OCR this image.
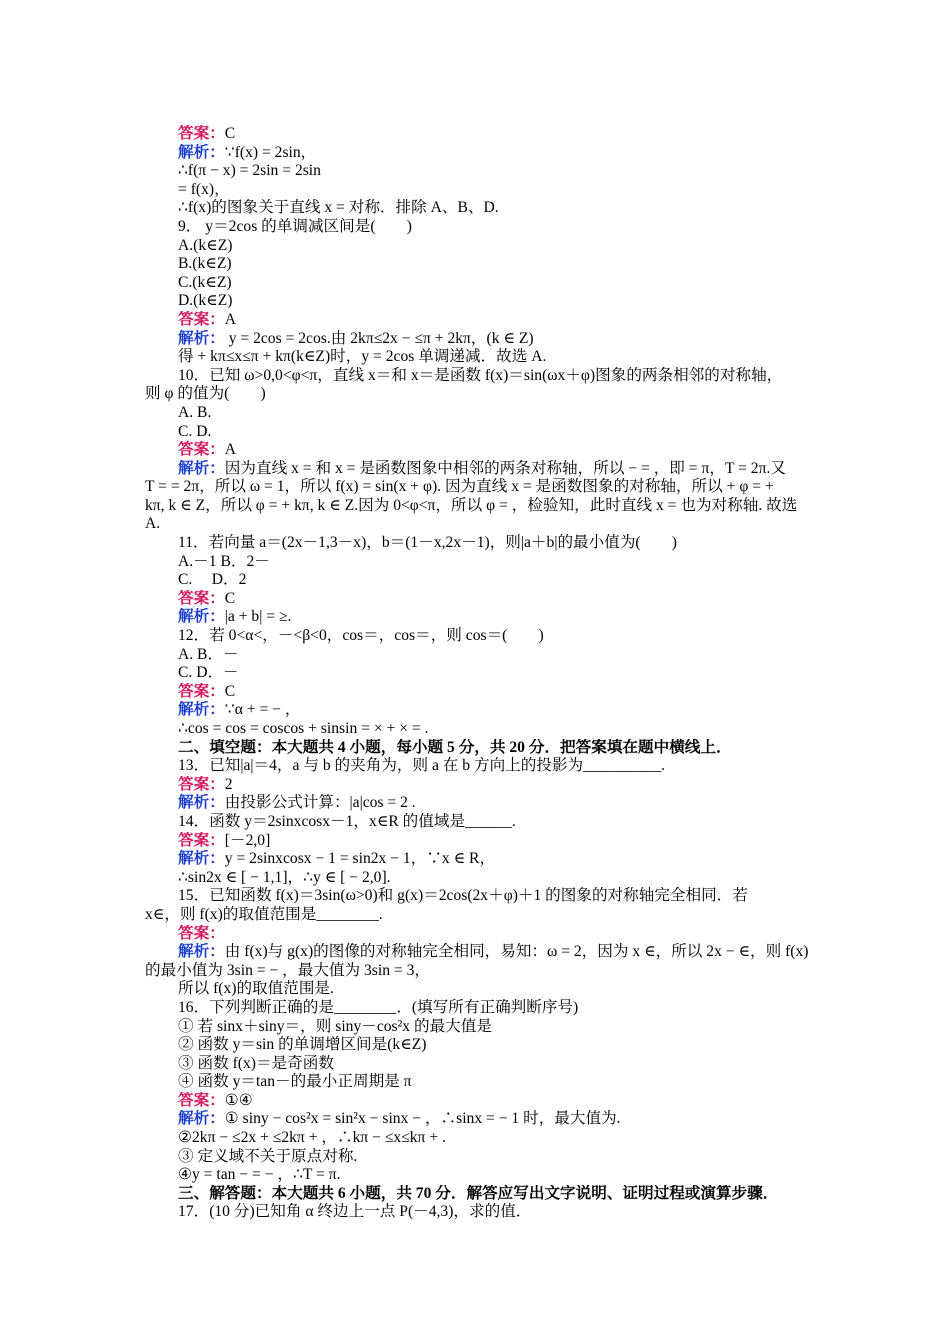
答案：C
解析：∵f(x) = 2sin，
∴f(π − x) = 2sin = 2sin
= f(x)，
∴f(x)的图象关于直线 x = 对称．排除 A、B、D.
9． y＝2cos 的单调减区间是(　　)
A.(k∈Z)
B.(k∈Z)
C.(k∈Z)
D.(k∈Z)
答案：A
解析： y = 2cos = 2cos.由 2kπ≤2x − ≤π + 2kπ，(k ∈ Z)
得 + kπ≤x≤π + kπ(k∈Z)时，y = 2cos 单调递减．故选 A.
10．已知 ω>0,0<φ<π，直线 x＝和 x＝是函数 f(x)＝sin(ωx＋φ)图象的两条相邻的对称轴，
则 φ 的值为(　　)
A. B.
C. D.
答案：A
解析：因为直线 x = 和 x = 是函数图象中相邻的两条对称轴，所以 − = ，即 = π，T = 2π.又
T = = 2π，所以 ω = 1，所以 f(x) = sin(x + φ). 因为直线 x = 是函数图象的对称轴，所以 + φ = +
kπ, k ∈ Z，所以 φ = + kπ, k ∈ Z.因为 0<φ<π，所以 φ = ，检验知，此时直线 x = 也为对称轴. 故选
A.
11．若向量 a＝(2x－1,3－x)，b＝(1－x,2x－1)，则|a＋b|的最小值为(　　)
A.－1 B．2－
C.　 D．2
答案：C
解析：|a + b| = ≥.
12．若 0<α<，－<β<0，cos＝，cos＝，则 cos＝(　　)
A. B．－
C. D．－
答案：C
解析：∵α + = − ，
∴cos = cos = coscos + sinsin = × + × = .
二、填空题：本大题共 4 小题，每小题 5 分，共 20 分．把答案填在题中横线上．
13．已知|a|＝4，a 与 b 的夹角为，则 a 在 b 方向上的投影为__________.
答案：2
解析：由投影公式计算：|a|cos = 2 .
14．函数 y＝2sinxcosx－1，x∈R 的值域是______.
答案：[－2,0]
解析：y = 2sinxcosx − 1 = sin2x − 1，∵x ∈ R，
∴sin2x ∈ [ − 1,1]，∴y ∈ [ − 2,0].
15．已知函数 f(x)＝3sin(ω>0)和 g(x)＝2cos(2x＋φ)＋1 的图象的对称轴完全相同．若
x∈，则 f(x)的取值范围是________.
答案：
解析：由 f(x)与 g(x)的图像的对称轴完全相同，易知：ω = 2，因为 x ∈，所以 2x − ∈，则 f(x)
的最小值为 3sin = − ，最大值为 3sin = 3，
所以 f(x)的取值范围是.
16．下列判断正确的是________．(填写所有正确判断序号)
① 若 sinx＋siny＝，则 siny－cos²x 的最大值是
② 函数 y＝sin 的单调增区间是(k∈Z)
③ 函数 f(x)＝是奇函数
④ 函数 y＝tan－的最小正周期是 π
答案：①④
解析：① siny − cos²x = sin²x − sinx − ，∴sinx = − 1 时，最大值为.
②2kπ − ≤2x + ≤2kπ + ，∴kπ − ≤x≤kπ + .
③ 定义域不关于原点对称.
④y = tan − = − ，∴T = π.
三、解答题：本大题共 6 小题，共 70 分．解答应写出文字说明、证明过程或演算步骤．
17．(10 分)已知角 α 终边上一点 P(－4,3)，求的值．
